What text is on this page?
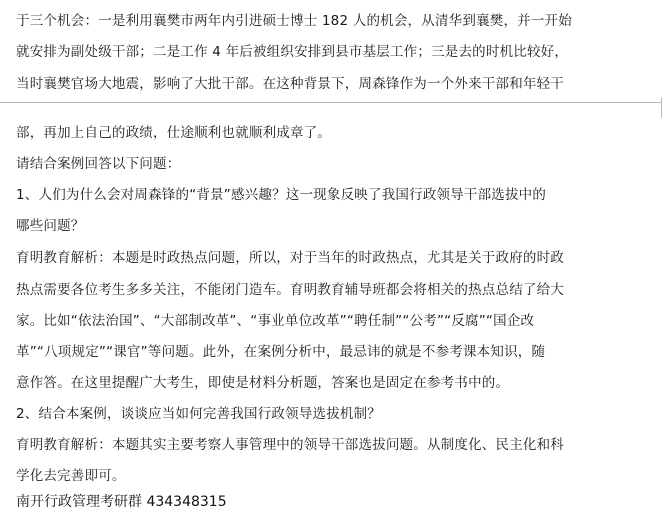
于三个机会：一是利用襄樊市两年内引进硕士博士 182 人的机会，从清华到襄樊，并一开始
就安排为副处级干部；二是工作 4 年后被组织安排到县市基层工作；三是去的时机比较好，
当时襄樊官场大地震，影响了大批干部。在这种背景下，周森锋作为一个外来干部和年轻干
部，再加上自己的政绩，仕途顺利也就顺利成章了。
请结合案例回答以下问题：
1、人们为什么会对周森锋的“背景”感兴趣？这一现象反映了我国行政领导干部选拔中的
哪些问题？
育明教育解析：本题是时政热点问题，所以，对于当年的时政热点，尤其是关于政府的时政
热点需要各位考生多多关注，不能闭门造车。育明教育辅导班都会将相关的热点总结了给大
家。比如“依法治国”、“大部制改革”、“事业单位改革”“聘任制”“公考”“反腐”“国企改
革”“八项规定”“课官”等问题。此外，在案例分析中，最忌讳的就是不参考课本知识，随
意作答。在这里提醒广大考生，即使是材料分析题，答案也是固定在参考书中的。
2、结合本案例，谈谈应当如何完善我国行政领导选拔机制？
育明教育解析：本题其实主要考察人事管理中的领导干部选拔问题。从制度化、民主化和科
学化去完善即可。
南开行政管理考研群 434348315
